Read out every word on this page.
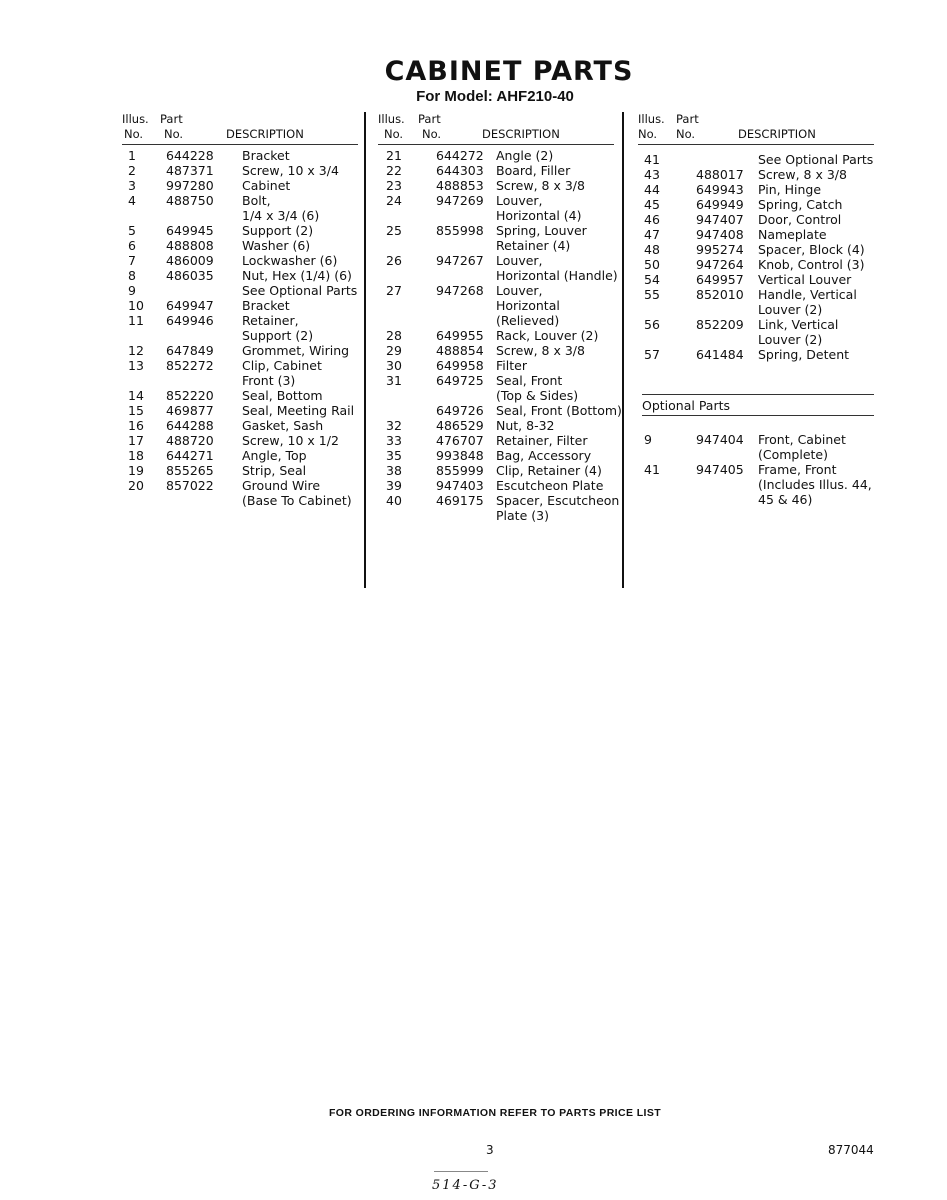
CABINET PARTS
For Model: AHF210-40
Illus. Part
No. No.	DESCRIPTION
1 644228 Bracket
2 487371 Screw, 10 x 3/4
3 997280 Cabinet
4 488750 Bolt,
1/4 x 3/4 (6)
5 649945 Support (2)
6 488808 Washer (6)
7 486009 Lockwasher (6)
8 486035 Nut, Hex (1/4) (6)
9	See Optional Parts
10 649947 Bracket
11 649946 Retainer,
Support (2)
12 647849 Grommet, Wiring
13 852272 Clip, Cabinet
Front (3)
14 852220 Seal, Bottom
15 469877 Seal, Meeting Rail
16 644288 Gasket, Sash
17 488720 Screw, 10 x 1/2
18 644271 Angle, Top
19 855265 Strip, Seal
20 857022 Ground Wire
(Base To Cabinet)
Illus. Part
No. No.	DESCRIPTION
21	644272 Angle (2)
22	644303 Board, Filler
23	488853 Screw, 8 x 3/8
24	947269 Louver,
Horizontal (4)
25	855998 Spring, Louver
Retainer (4)
26	947267 Louver,
Horizontal (Handle)
27	947268 Louver,
Horizontal
(Relieved)
28	649955 Rack, Louver (2)
29	488854 Screw, 8 x 3/8
30	649958 Filter
31	649725 Seal, Front
(Top & Sides)
649726 Seal, Front (Bottom)
32	486529 Nut, 8-32
33	476707 Retainer, Filter
35	993848 Bag, Accessory
38	855999 Clip, Retainer (4)
39	947403 Escutcheon Plate
40	469175 Spacer, Escutcheon
Plate (3)
Illus. Part
No. No.	DESCRIPTION
Optional Parts
41	See Optional Parts
43	488017 Screw, 8 x 3/8
44	649943 Pin, Hinge
45	649949 Spring, Catch
46	947407 Door, Control
47	947408 Nameplate
48	995274 Spacer, Block (4)
50	947264 Knob, Control (3)
54	649957 Vertical Louver
55	852010 Handle, Vertical
Louver (2)
56	852209 Link, Vertical
Louver (2)
57	641484 Spring, Detent
9	947404 Front, Cabinet
(Complete)
41	947405 Frame, Front
(Includes Illus. 44,
45 & 46)
FOR ORDERING INFORMATION REFER TO PARTS PRICE LIST
3	877044
514-G-3
